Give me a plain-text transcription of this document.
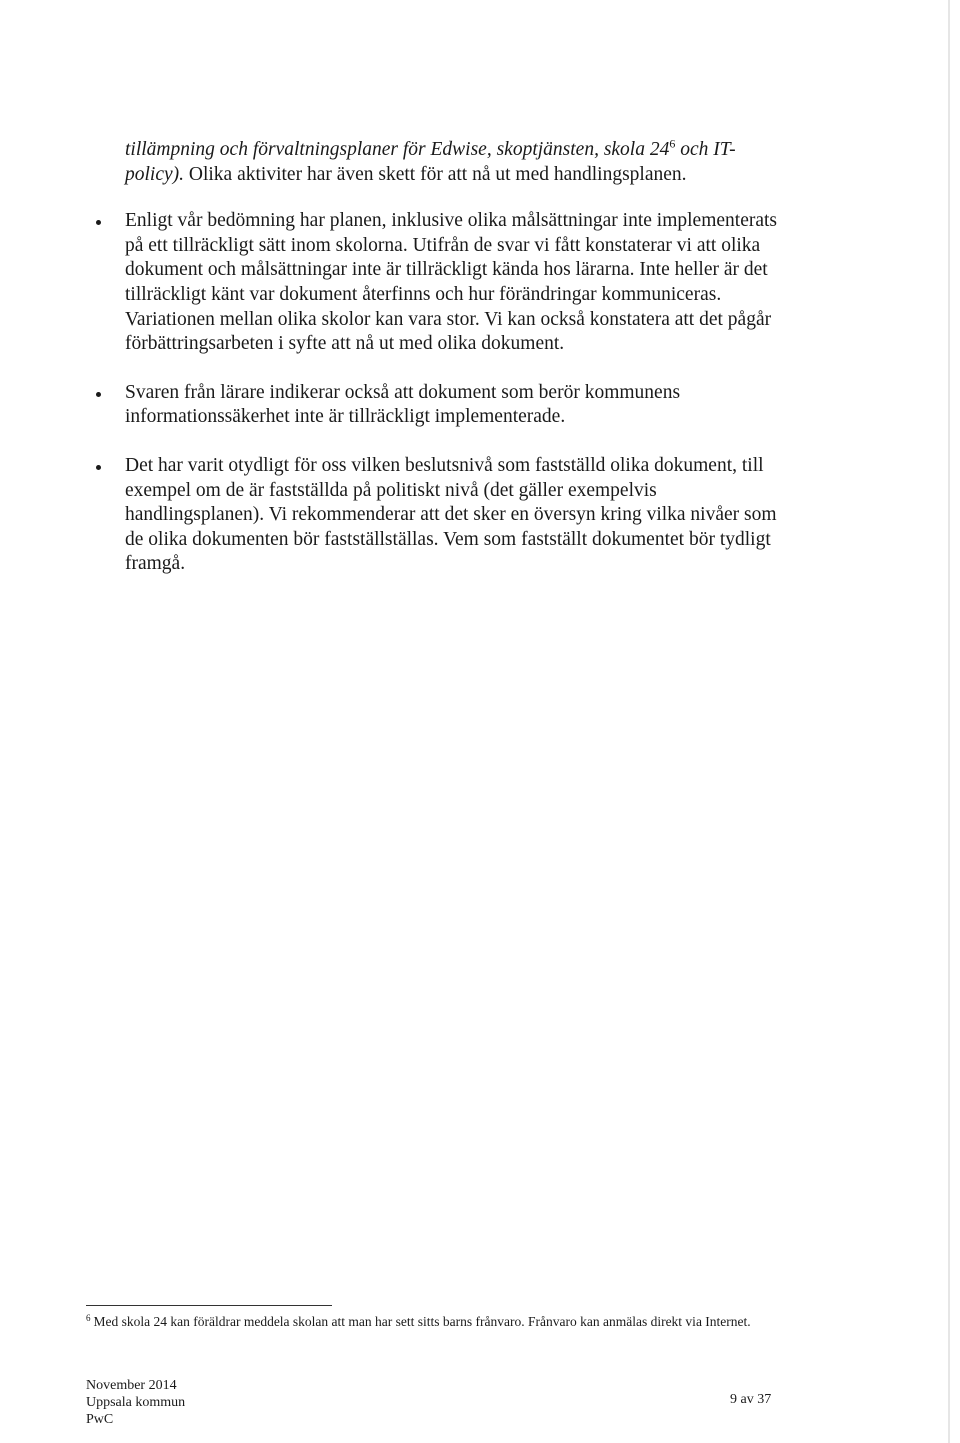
tillämpning och förvaltningsplaner för Edwise, skoptjänsten, skola $24^6$ och IT-policy). Olika aktiviter har även skett för att nå ut med handlingsplanen.

Enligt vår bedömning har planen, inklusive olika målsättningar inte implementerats på ett tillräckligt sätt inom skolorna. Utifrån de svar vi fått konstaterar vi att olika dokument och målsättningar inte är tillräckligt kända hos lärarna. Inte heller är det tillräckligt känt var dokument återfinns och hur förändringar kommuniceras. Variationen mellan olika skolor kan vara stor. Vi kan också konstatera att det pågår förbättringsarbeten i syfte att nå ut med olika dokument.
Svaren från lärare indikerar också att dokument som berör kommunens informationssäkerhet inte är tillräckligt implementerade.
Det har varit otydligt för oss vilken beslutsnivå som fastställd olika dokument, till exempel om de är fastställda på politiskt nivå (det gäller exempelvis handlingsplanen). Vi rekommenderar att det sker en översyn kring vilka nivåer som de olika dokumenten bör fastställställas. Vem som fastställt dokumentet bör tydligt framgå.
$^6$ Med skola 24 kan föräldrar meddela skolan att man har sett sitts barns frånvaro. Frånvaro kan anmälas direkt via Internet.
November 2014
Uppsala kommun
PwC
9 av 37
